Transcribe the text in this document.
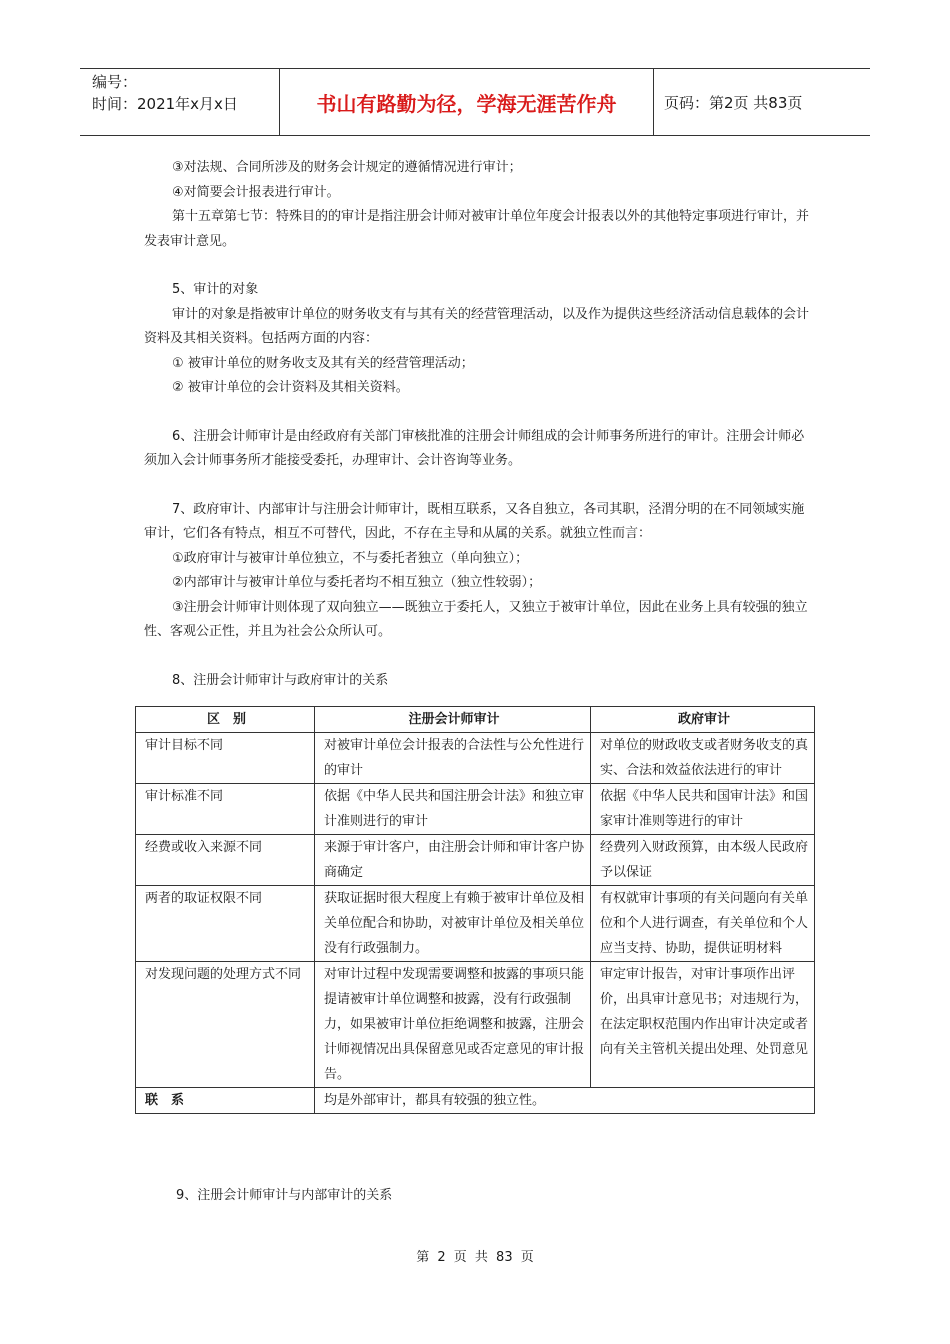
编号：
时间：2021年x月x日	书山有路勤为径，学海无涯苦作舟	页码：第2页 共83页

③对法规、合同所涉及的财务会计规定的遵循情况进行审计；

④对简要会计报表进行审计。

第十五章第七节：特殊目的的审计是指注册会计师对被审计单位年度会计报表以外的其他特定事项进行审计，并发表审计意见。

5、审计的对象

审计的对象是指被审计单位的财务收支有与其有关的经营管理活动，以及作为提供这些经济活动信息载体的会计资料及其相关资料。包括两方面的内容：

① 被审计单位的财务收支及其有关的经营管理活动；

② 被审计单位的会计资料及其相关资料。

6、注册会计师审计是由经政府有关部门审核批准的注册会计师组成的会计师事务所进行的审计。注册会计师必须加入会计师事务所才能接受委托，办理审计、会计咨询等业务。

7、政府审计、内部审计与注册会计师审计，既相互联系，又各自独立，各司其职，泾渭分明的在不同领域实施审计，它们各有特点，相互不可替代，因此，不存在主导和从属的关系。就独立性而言：

①政府审计与被审计单位独立，不与委托者独立（单向独立）；

②内部审计与被审计单位与委托者均不相互独立（独立性较弱）；

③注册会计师审计则体现了双向独立——既独立于委托人，又独立于被审计单位，因此在业务上具有较强的独立性、客观公正性，并且为社会公众所认可。

8、注册会计师审计与政府审计的关系

区　别	注册会计师审计	政府审计
审计目标不同	对被审计单位会计报表的合法性与公允性进行的审计	对单位的财政收支或者财务收支的真实、合法和效益依法进行的审计
审计标准不同	依据《中华人民共和国注册会计法》和独立审计准则进行的审计	依据《中华人民共和国审计法》和国家审计准则等进行的审计
经费或收入来源不同	来源于审计客户，由注册会计师和审计客户协商确定	经费列入财政预算，由本级人民政府予以保证
两者的取证权限不同	获取证据时很大程度上有赖于被审计单位及相关单位配合和协助，对被审计单位及相关单位没有行政强制力。	有权就审计事项的有关问题向有关单位和个人进行调查，有关单位和个人应当支持、协助，提供证明材料
对发现问题的处理方式不同	对审计过程中发现需要调整和披露的事项只能提请被审计单位调整和披露，没有行政强制力，如果被审计单位拒绝调整和披露，注册会计师视情况出具保留意见或否定意见的审计报告。	审定审计报告，对审计事项作出评价，出具审计意见书；对违规行为，在法定职权范围内作出审计决定或者向有关主管机关提出处理、处罚意见
联　系	均是外部审计，都具有较强的独立性。	
9、注册会计师审计与内部审计的关系
第 2 页 共 83 页
